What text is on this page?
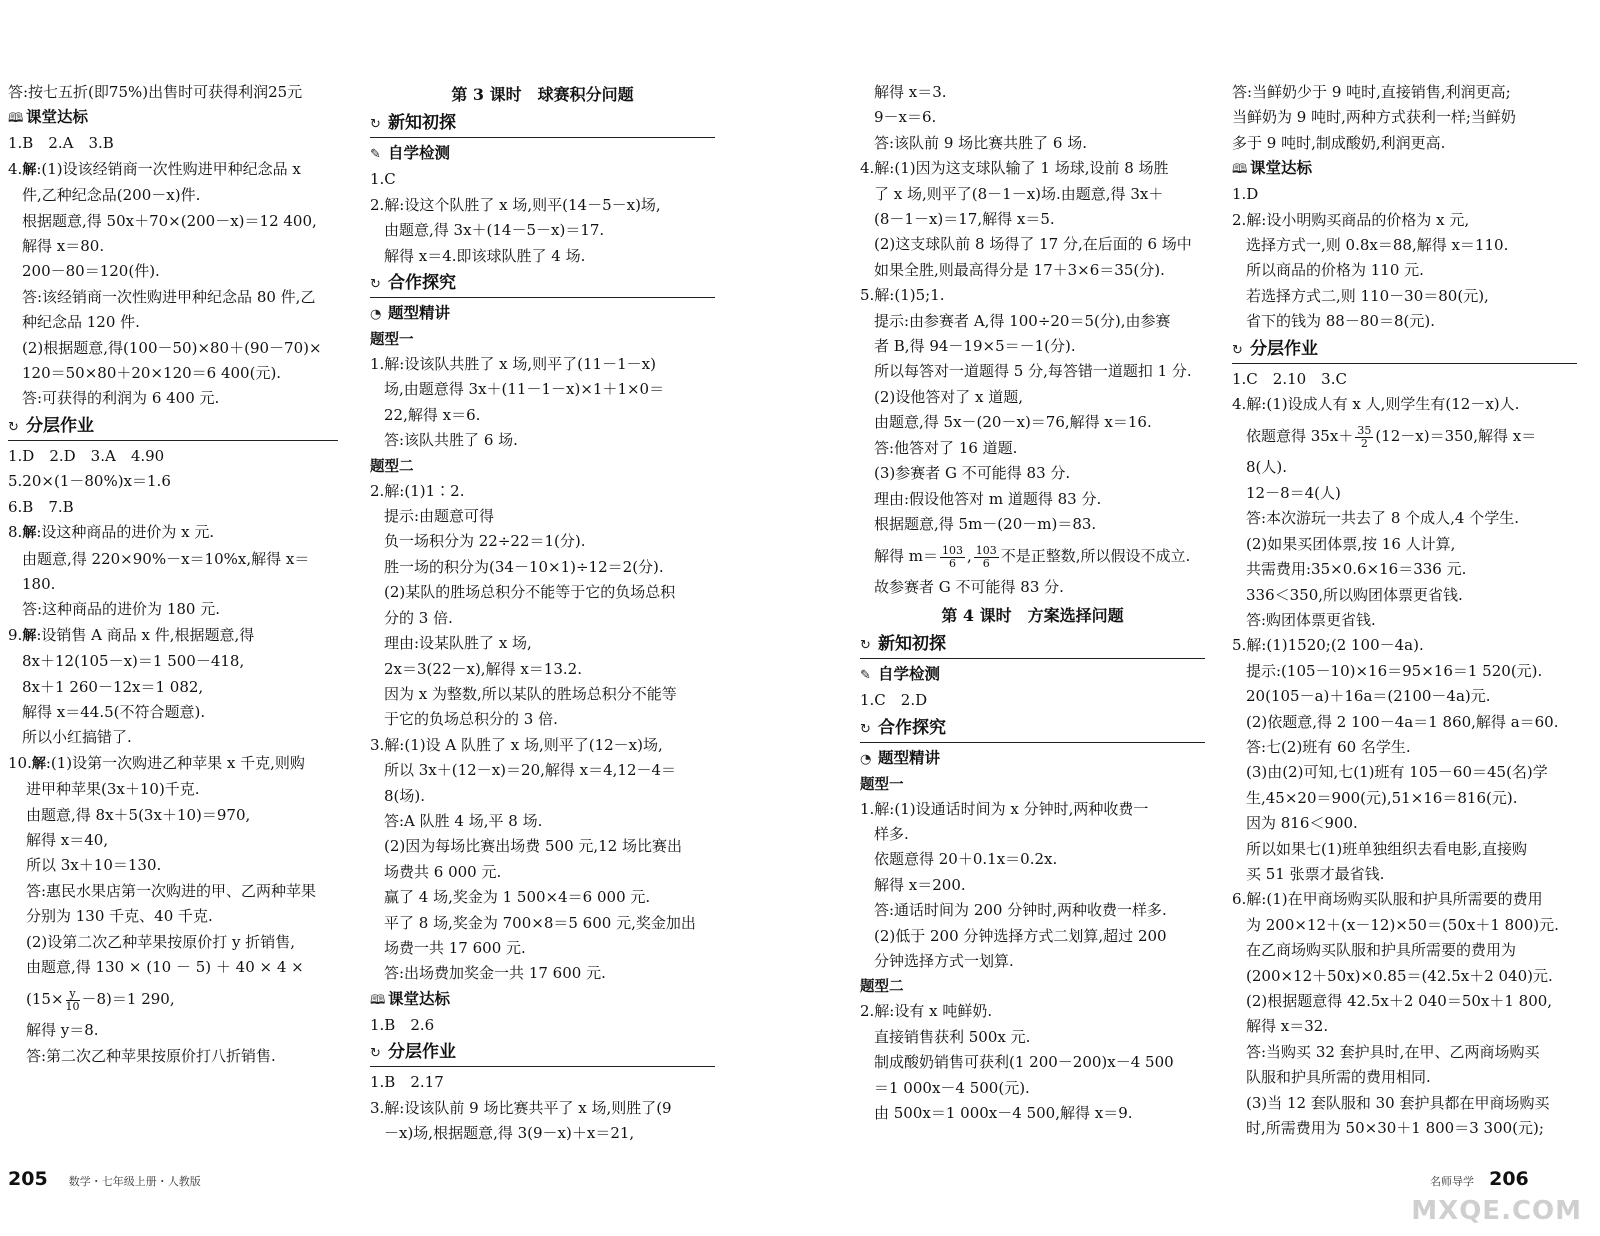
答:按七五折(即75%)出售时可获得利润25元
🕮 课堂达标
1.B　2.A　3.B
4.解:(1)设该经销商一次性购进甲种纪念品 x
件,乙种纪念品(200－x)件.
根据题意,得 50x＋70×(200－x)＝12 400,
解得 x＝80.
200－80＝120(件).
答:该经销商一次性购进甲种纪念品 80 件,乙
种纪念品 120 件.
(2)根据题意,得(100－50)×80＋(90－70)×
120＝50×80＋20×120＝6 400(元).
答:可获得的利润为 6 400 元.
↻ 分层作业
1.D　2.D　3.A　4.90
5.20×(1－80%)x＝1.6
6.B　7.B
8.解:设这种商品的进价为 x 元.
由题意,得 220×90%－x＝10%x,解得 x＝
180.
答:这种商品的进价为 180 元.
9.解:设销售 A 商品 x 件,根据题意,得
8x＋12(105－x)＝1 500－418,
8x＋1 260－12x＝1 082,
解得 x＝44.5(不符合题意).
所以小红搞错了.
10.解:(1)设第一次购进乙种苹果 x 千克,则购
进甲种苹果(3x＋10)千克.
由题意,得 8x＋5(3x＋10)＝970,
解得 x＝40,
所以 3x＋10＝130.
答:惠民水果店第一次购进的甲、乙两种苹果
分别为 130 千克、40 千克.
(2)设第二次乙种苹果按原价打 y 折销售,
由题意,得 130 × (10 － 5) ＋ 40 × 4 ×
$(15\times \frac{y}{10} -8)=1$ 290,
解得 y＝8.
答:第二次乙种苹果按原价打八折销售.
第 3 课时　球赛积分问题
↻ 新知初探
✎ 自学检测
1.C
2.解:设这个队胜了 x 场,则平(14－5－x)场,
由题意,得 3x＋(14－5－x)＝17.
解得 x＝4.即该球队胜了 4 场.
↻ 合作探究
◔ 题型精讲
题型一
1.解:设该队共胜了 x 场,则平了(11－1－x)
场,由题意得 3x＋(11－1－x)×1＋1×0＝
22,解得 x＝6.
答:该队共胜了 6 场.
题型二
2.解:(1)1∶2.
提示:由题意可得
负一场积分为 22÷22＝1(分).
胜一场的积分为(34－10×1)÷12＝2(分).
(2)某队的胜场总积分不能等于它的负场总积
分的 3 倍.
理由:设某队胜了 x 场,
2x＝3(22－x),解得 x＝13.2.
因为 x 为整数,所以某队的胜场总积分不能等
于它的负场总积分的 3 倍.
3.解:(1)设 A 队胜了 x 场,则平了(12－x)场,
所以 3x＋(12－x)＝20,解得 x＝4,12－4＝
8(场).
答:A 队胜 4 场,平 8 场.
(2)因为每场比赛出场费 500 元,12 场比赛出
场费共 6 000 元.
赢了 4 场,奖金为 1 500×4＝6 000 元.
平了 8 场,奖金为 700×8＝5 600 元,奖金加出
场费一共 17 600 元.
答:出场费加奖金一共 17 600 元.
🕮 课堂达标
1.B　2.6
↻ 分层作业
1.B　2.17
3.解:设该队前 9 场比赛共平了 x 场,则胜了(9
－x)场,根据题意,得 3(9－x)＋x＝21,
解得 x＝3.
9－x＝6.
答:该队前 9 场比赛共胜了 6 场.
4.解:(1)因为这支球队输了 1 场球,设前 8 场胜
了 x 场,则平了(8－1－x)场.由题意,得 3x＋
(8－1－x)＝17,解得 x＝5.
(2)这支球队前 8 场得了 17 分,在后面的 6 场中
如果全胜,则最高得分是 17＋3×6＝35(分).
5.解:(1)5;1.
提示:由参赛者 A,得 100÷20＝5(分),由参赛
者 B,得 94－19×5＝－1(分).
所以每答对一道题得 5 分,每答错一道题扣 1 分.
(2)设他答对了 x 道题,
由题意,得 5x－(20－x)＝76,解得 x＝16.
答:他答对了 16 道题.
(3)参赛者 G 不可能得 83 分.
理由:假设他答对 m 道题得 83 分.
根据题意,得 5m－(20－m)＝83.
解得 $m= \frac{103}{6}$ , $\frac{103}{6}$ 不是正整数,所以假设不成立.
故参赛者 G 不可能得 83 分.
第 4 课时　方案选择问题
↻ 新知初探
✎ 自学检测
1.C　2.D
↻ 合作探究
◔ 题型精讲
题型一
1.解:(1)设通话时间为 x 分钟时,两种收费一
样多.
依题意得 20＋0.1x＝0.2x.
解得 x＝200.
答:通话时间为 200 分钟时,两种收费一样多.
(2)低于 200 分钟选择方式二划算,超过 200
分钟选择方式一划算.
题型二
2.解:设有 x 吨鲜奶.
直接销售获利 500x 元.
制成酸奶销售可获利(1 200－200)x－4 500
＝1 000x－4 500(元).
由 500x＝1 000x－4 500,解得 x＝9.
答:当鲜奶少于 9 吨时,直接销售,利润更高;
当鲜奶为 9 吨时,两种方式获利一样;当鲜奶
多于 9 吨时,制成酸奶,利润更高.
🕮 课堂达标
1.D
2.解:设小明购买商品的价格为 x 元,
选择方式一,则 0.8x＝88,解得 x＝110.
所以商品的价格为 110 元.
若选择方式二,则 110－30＝80(元),
省下的钱为 88－80＝8(元).
↻ 分层作业
1.C　2.10　3.C
4.解:(1)设成人有 x 人,则学生有(12－x)人.
依题意得 $35x+ \frac{35}{2} (12-x)=350$,解得 x＝
8(人).
12－8＝4(人)
答:本次游玩一共去了 8 个成人,4 个学生.
(2)如果买团体票,按 16 人计算,
共需费用:35×0.6×16＝336 元.
336＜350,所以购团体票更省钱.
答:购团体票更省钱.
5.解:(1)1520;(2 100－4a).
提示:(105－10)×16＝95×16＝1 520(元).
20(105－a)＋16a＝(2100－4a)元.
(2)依题意,得 2 100－4a＝1 860,解得 a＝60.
答:七(2)班有 60 名学生.
(3)由(2)可知,七(1)班有 105－60＝45(名)学
生,45×20＝900(元),51×16＝816(元).
因为 816＜900.
所以如果七(1)班单独组织去看电影,直接购
买 51 张票才最省钱.
6.解:(1)在甲商场购买队服和护具所需要的费用
为 200×12＋(x－12)×50＝(50x＋1 800)元.
在乙商场购买队服和护具所需要的费用为
(200×12＋50x)×0.85＝(42.5x＋2 040)元.
(2)根据题意得 42.5x＋2 040＝50x＋1 800,
解得 x＝32.
答:当购买 32 套护具时,在甲、乙两商场购买
队服和护具所需的费用相同.
(3)当 12 套队服和 30 套护具都在甲商场购买
时,所需费用为 50×30＋1 800＝3 300(元);
205 数学・七年级上册・人教版	名师导学 206
MXQE.COM
